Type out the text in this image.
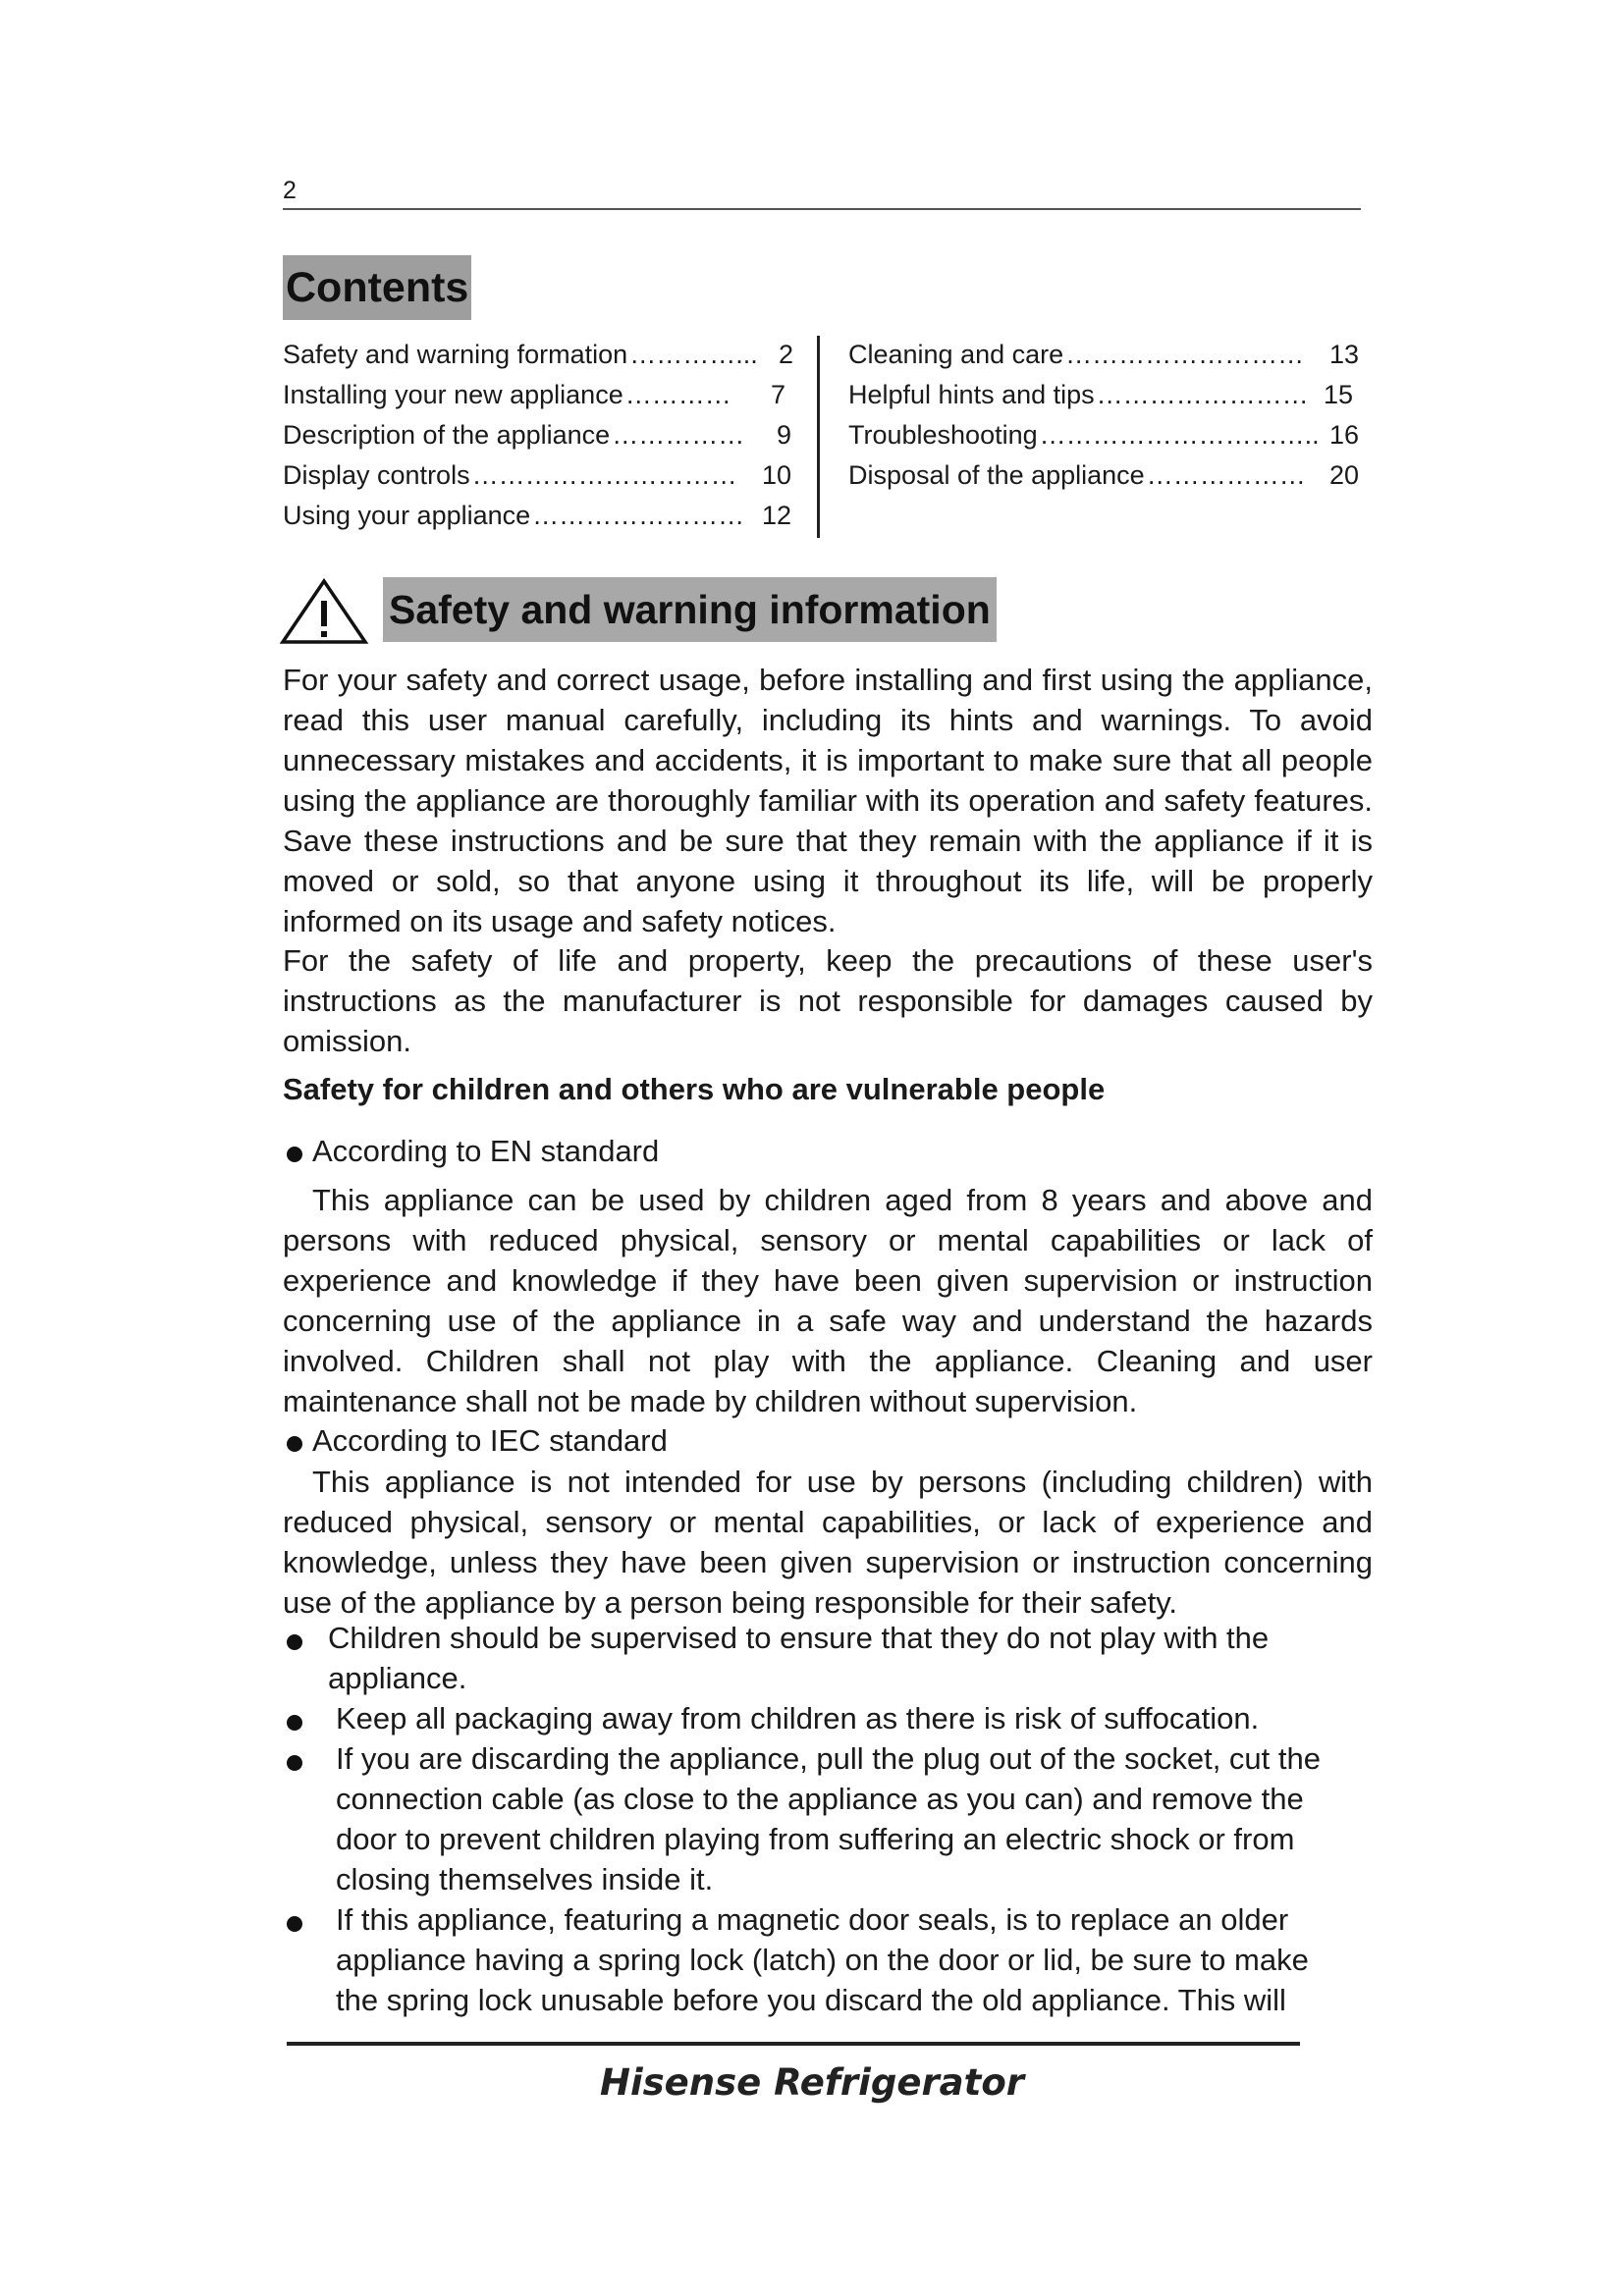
2
Contents
Safety and warning formation …………... 2
Installing your new appliance …………	7
Description of the appliance ……………	9
Display controls ………………………… 10
Using your appliance …………………… 12
Cleaning and care ……………………… 13
Helpful hints and tips …………………… 15
Troubleshooting ………………………….. 16
Disposal of the appliance ……………… 20
Safety and warning information
For your safety and correct usage, before installing and first using the appliance, read this user manual carefully, including its hints and warnings. To avoid unnecessary mistakes and accidents, it is important to make sure that all people using the appliance are thoroughly familiar with its operation and safety features. Save these instructions and be sure that they remain with the appliance if it is moved or sold, so that anyone using it throughout its life, will be properly informed on its usage and safety notices.
For the safety of life and property, keep the precautions of these user's instructions as the manufacturer is not responsible for damages caused by omission.
Safety for children and others who are vulnerable people
According to EN standard
This appliance can be used by children aged from 8 years and above and persons with reduced physical, sensory or mental capabilities or lack of experience and knowledge if they have been given supervision or instruction concerning use of the appliance in a safe way and understand the hazards involved. Children shall not play with the appliance. Cleaning and user maintenance shall not be made by children without supervision.
According to IEC standard
This appliance is not intended for use by persons (including children) with reduced physical, sensory or mental capabilities, or lack of experience and knowledge, unless they have been given supervision or instruction concerning use of the appliance by a person being responsible for their safety.
Children should be supervised to ensure that they do not play with the appliance.
Keep all packaging away from children as there is risk of suffocation.
If you are discarding the appliance, pull the plug out of the socket, cut the connection cable (as close to the appliance as you can) and remove the door to prevent children playing from suffering an electric shock or from closing themselves inside it.
If this appliance, featuring a magnetic door seals, is to replace an older appliance having a spring lock (latch) on the door or lid, be sure to make the spring lock unusable before you discard the old appliance. This will
Hisense Refrigerator
